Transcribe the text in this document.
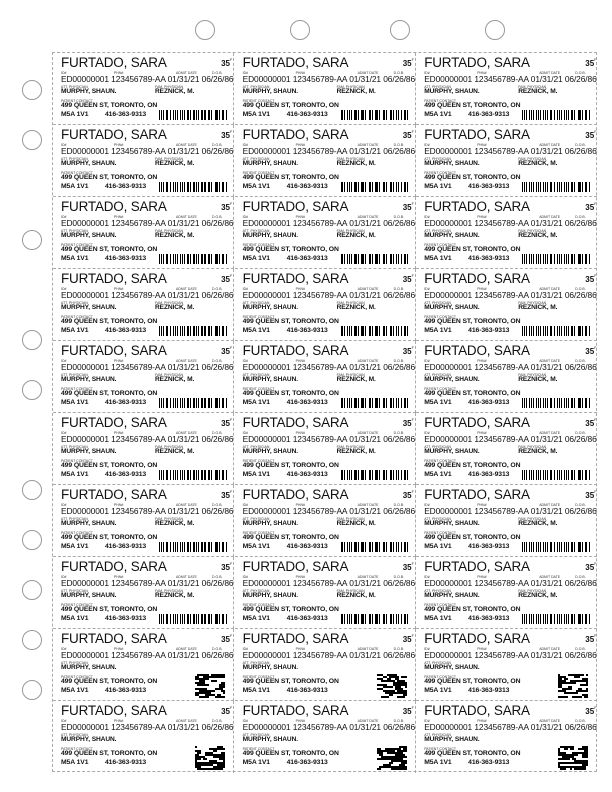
FURTADO, SARA	35
ID#	PHN#	ADMIT DATE	D.O.B.
ED00000001 123456789-AA 01/31/21 06/26/86
ATT. PHYSICIAN	FAM. PHYSICIAN
MURPHY, SHAUN.	REZNICK, M.
PATIENT CONTACT
499 QUEEN ST, TORONTO, ON
M5A 1V1 416-363-9313
F FURTADO, SARA	35
ID#	PHN#	ADMIT DATE	D.O.B.
ED00000001 123456789-AA 01/31/21 06/26/86
ATT. PHYSICIAN	FAM. PHYSICIAN
MURPHY, SHAUN.	REZNICK, M.
PATIENT CONTACT
499 QUEEN ST, TORONTO, ON
M5A 1V1 416-363-9313
F FURTADO, SARA	35
ID#	PHN#	ADMIT DATE	D.O.B.
ED00000001 123456789-AA 01/31/21 06/26/86
ATT. PHYSICIAN	FAM. PHYSICIAN
MURPHY, SHAUN.	REZNICK, M.
PATIENT CONTACT
499 QUEEN ST, TORONTO, ON
M5A 1V1 416-363-9313
F
FURTADO, SARA	35
ID#	PHN#	ADMIT DATE	D.O.B.
ED00000001 123456789-AA 01/31/21 06/26/86
ATT. PHYSICIAN	FAM. PHYSICIAN
MURPHY, SHAUN.	REZNICK, M.
PATIENT CONTACT
499 QUEEN ST, TORONTO, ON
M5A 1V1 416-363-9313
F FURTADO, SARA	35
ID#	PHN#	ADMIT DATE	D.O.B.
ED00000001 123456789-AA 01/31/21 06/26/86
ATT. PHYSICIAN	FAM. PHYSICIAN
MURPHY, SHAUN.	REZNICK, M.
PATIENT CONTACT
499 QUEEN ST, TORONTO, ON
M5A 1V1 416-363-9313
F FURTADO, SARA	35
ID#	PHN#	ADMIT DATE	D.O.B.
ED00000001 123456789-AA 01/31/21 06/26/86
ATT. PHYSICIAN	FAM. PHYSICIAN
MURPHY, SHAUN.	REZNICK, M.
PATIENT CONTACT
499 QUEEN ST, TORONTO, ON
M5A 1V1 416-363-9313
F
FURTADO, SARA	35
ID#	PHN#	ADMIT DATE	D.O.B.
ED00000001 123456789-AA 01/31/21 06/26/86
ATT. PHYSICIAN	FAM. PHYSICIAN
MURPHY, SHAUN.	REZNICK, M.
PATIENT CONTACT
499 QUEEN ST, TORONTO, ON
M5A 1V1 416-363-9313
F FURTADO, SARA	35
ID#	PHN#	ADMIT DATE	D.O.B.
ED00000001 123456789-AA 01/31/21 06/26/86
ATT. PHYSICIAN	FAM. PHYSICIAN
MURPHY, SHAUN.	REZNICK, M.
PATIENT CONTACT
499 QUEEN ST, TORONTO, ON
M5A 1V1 416-363-9313
F FURTADO, SARA	35
ID#	PHN#	ADMIT DATE	D.O.B.
ED00000001 123456789-AA 01/31/21 06/26/86
ATT. PHYSICIAN	FAM. PHYSICIAN
MURPHY, SHAUN.	REZNICK, M.
PATIENT CONTACT
499 QUEEN ST, TORONTO, ON
M5A 1V1 416-363-9313
F
FURTADO, SARA	35
ID#	PHN#	ADMIT DATE	D.O.B.
ED00000001 123456789-AA 01/31/21 06/26/86
ATT. PHYSICIAN	FAM. PHYSICIAN
MURPHY, SHAUN.	REZNICK, M.
PATIENT CONTACT
499 QUEEN ST, TORONTO, ON
M5A 1V1 416-363-9313
F FURTADO, SARA	35
ID#	PHN#	ADMIT DATE	D.O.B.
ED00000001 123456789-AA 01/31/21 06/26/86
ATT. PHYSICIAN	FAM. PHYSICIAN
MURPHY, SHAUN.	REZNICK, M.
PATIENT CONTACT
499 QUEEN ST, TORONTO, ON
M5A 1V1 416-363-9313
F FURTADO, SARA	35
ID#	PHN#	ADMIT DATE	D.O.B.
ED00000001 123456789-AA 01/31/21 06/26/86
ATT. PHYSICIAN	FAM. PHYSICIAN
MURPHY, SHAUN.	REZNICK, M.
PATIENT CONTACT
499 QUEEN ST, TORONTO, ON
M5A 1V1 416-363-9313
F
FURTADO, SARA	35
ID#	PHN#	ADMIT DATE	D.O.B.
ED00000001 123456789-AA 01/31/21 06/26/86
ATT. PHYSICIAN	FAM. PHYSICIAN
MURPHY, SHAUN.	REZNICK, M.
PATIENT CONTACT
499 QUEEN ST, TORONTO, ON
M5A 1V1 416-363-9313
F FURTADO, SARA	35
ID#	PHN#	ADMIT DATE	D.O.B.
ED00000001 123456789-AA 01/31/21 06/26/86
ATT. PHYSICIAN	FAM. PHYSICIAN
MURPHY, SHAUN.	REZNICK, M.
PATIENT CONTACT
499 QUEEN ST, TORONTO, ON
M5A 1V1 416-363-9313
F FURTADO, SARA	35
ID#	PHN#	ADMIT DATE	D.O.B.
ED00000001 123456789-AA 01/31/21 06/26/86
ATT. PHYSICIAN	FAM. PHYSICIAN
MURPHY, SHAUN.	REZNICK, M.
PATIENT CONTACT
499 QUEEN ST, TORONTO, ON
M5A 1V1 416-363-9313
F
FURTADO, SARA	35
ID#	PHN#	ADMIT DATE	D.O.B.
ED00000001 123456789-AA 01/31/21 06/26/86
ATT. PHYSICIAN	FAM. PHYSICIAN
MURPHY, SHAUN.	REZNICK, M.
PATIENT CONTACT
499 QUEEN ST, TORONTO, ON
M5A 1V1 416-363-9313
F FURTADO, SARA	35
ID#	PHN#	ADMIT DATE	D.O.B.
ED00000001 123456789-AA 01/31/21 06/26/86
ATT. PHYSICIAN	FAM. PHYSICIAN
MURPHY, SHAUN.	REZNICK, M.
PATIENT CONTACT
499 QUEEN ST, TORONTO, ON
M5A 1V1 416-363-9313
F FURTADO, SARA	35
ID#	PHN#	ADMIT DATE	D.O.B.
ED00000001 123456789-AA 01/31/21 06/26/86
ATT. PHYSICIAN	FAM. PHYSICIAN
MURPHY, SHAUN.	REZNICK, M.
PATIENT CONTACT
499 QUEEN ST, TORONTO, ON
M5A 1V1 416-363-9313
F
FURTADO, SARA	35
ID#	PHN#	ADMIT DATE	D.O.B.
ED00000001 123456789-AA 01/31/21 06/26/86
ATT. PHYSICIAN	FAM. PHYSICIAN
MURPHY, SHAUN.	REZNICK, M.
PATIENT CONTACT
499 QUEEN ST, TORONTO, ON
M5A 1V1 416-363-9313
F FURTADO, SARA	35
ID#	PHN#	ADMIT DATE	D.O.B.
ED00000001 123456789-AA 01/31/21 06/26/86
ATT. PHYSICIAN	FAM. PHYSICIAN
MURPHY, SHAUN.	REZNICK, M.
PATIENT CONTACT
499 QUEEN ST, TORONTO, ON
M5A 1V1 416-363-9313
F FURTADO, SARA	35
ID#	PHN#	ADMIT DATE	D.O.B.
ED00000001 123456789-AA 01/31/21 06/26/86
ATT. PHYSICIAN	FAM. PHYSICIAN
MURPHY, SHAUN.	REZNICK, M.
PATIENT CONTACT
499 QUEEN ST, TORONTO, ON
M5A 1V1 416-363-9313
F
FURTADO, SARA	35
ID#	PHN#	ADMIT DATE	D.O.B.
ED00000001 123456789-AA 01/31/21 06/26/86
ATT. PHYSICIAN	FAM. PHYSICIAN
MURPHY, SHAUN.	REZNICK, M.
PATIENT CONTACT
499 QUEEN ST, TORONTO, ON
M5A 1V1 416-363-9313
F FURTADO, SARA	35
ID#	PHN#	ADMIT DATE	D.O.B.
ED00000001 123456789-AA 01/31/21 06/26/86
ATT. PHYSICIAN	FAM. PHYSICIAN
MURPHY, SHAUN.	REZNICK, M.
PATIENT CONTACT
499 QUEEN ST, TORONTO, ON
M5A 1V1 416-363-9313
F FURTADO, SARA	35
ID#	PHN#	ADMIT DATE	D.O.B.
ED00000001 123456789-AA 01/31/21 06/26/86
ATT. PHYSICIAN	FAM. PHYSICIAN
MURPHY, SHAUN.	REZNICK, M.
PATIENT CONTACT
499 QUEEN ST, TORONTO, ON
M5A 1V1 416-363-9313
F
FURTADO, SARA	35
ID#	PHN#	ADMIT DATE	D.O.B.
ED00000001 123456789-AA 01/31/21 06/26/86
ATT. PHYSICIAN
MURPHY, SHAUN.
PATIENT CONTACT
499 QUEEN ST, TORONTO, ON
M5A 1V1 416-363-9313
F FURTADO, SARA	35
ID#	PHN#	ADMIT DATE	D.O.B.
ED00000001 123456789-AA 01/31/21 06/26/86
ATT. PHYSICIAN
MURPHY, SHAUN.
PATIENT CONTACT
499 QUEEN ST, TORONTO, ON
M5A 1V1 416-363-9313
F FURTADO, SARA	35
ID#	PHN#	ADMIT DATE	D.O.B.
ED00000001 123456789-AA 01/31/21 06/26/86
ATT. PHYSICIAN
MURPHY, SHAUN.
PATIENT CONTACT
499 QUEEN ST, TORONTO, ON
M5A 1V1 416-363-9313
F
FURTADO, SARA	35
ID#	PHN#	ADMIT DATE	D.O.B.
ED00000001 123456789-AA 01/31/21 06/26/86
ATT. PHYSICIAN
MURPHY, SHAUN.
PATIENT CONTACT
499 QUEEN ST, TORONTO, ON
M5A 1V1 416-363-9313
F FURTADO, SARA	35
ID#	PHN#	ADMIT DATE	D.O.B.
ED00000001 123456789-AA 01/31/21 06/26/86
ATT. PHYSICIAN
MURPHY, SHAUN.
PATIENT CONTACT
499 QUEEN ST, TORONTO, ON
M5A 1V1 416-363-9313
F FURTADO, SARA	35
ID#	PHN#	ADMIT DATE	D.O.B.
ED00000001 123456789-AA 01/31/21 06/26/86
ATT. PHYSICIAN
MURPHY, SHAUN.
PATIENT CONTACT
499 QUEEN ST, TORONTO, ON
M5A 1V1 416-363-9313
F
